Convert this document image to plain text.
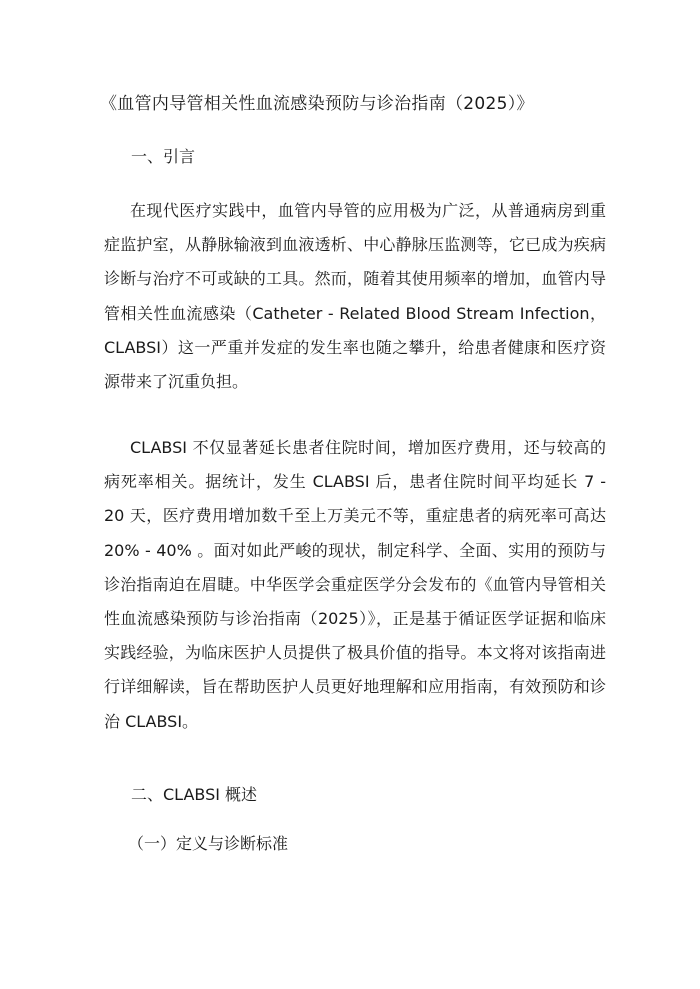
《血管内导管相关性血流感染预防与诊治指南（2025）》
一、引言

在现代医疗实践中，血管内导管的应用极为广泛，从普通病房到重症监护室，从静脉输液到血液透析、中心静脉压监测等，它已成为疾病诊断与治疗不可或缺的工具。然而，随着其使用频率的增加，血管内导管相关性血流感染（Catheter - Related Blood Stream Infection，CLABSI）这一严重并发症的发生率也随之攀升，给患者健康和医疗资源带来了沉重负担。

CLABSI 不仅显著延长患者住院时间，增加医疗费用，还与较高的病死率相关。据统计，发生 CLABSI 后，患者住院时间平均延长 7 - 20 天，医疗费用增加数千至上万美元不等，重症患者的病死率可高达 20% - 40% 。面对如此严峻的现状，制定科学、全面、实用的预防与诊治指南迫在眉睫。中华医学会重症医学分会发布的《血管内导管相关性血流感染预防与诊治指南（2025）》，正是基于循证医学证据和临床实践经验，为临床医护人员提供了极具价值的指导。本文将对该指南进行详细解读，旨在帮助医护人员更好地理解和应用指南，有效预防和诊治 CLABSI。

二、CLABSI 概述
（一）定义与诊断标准
